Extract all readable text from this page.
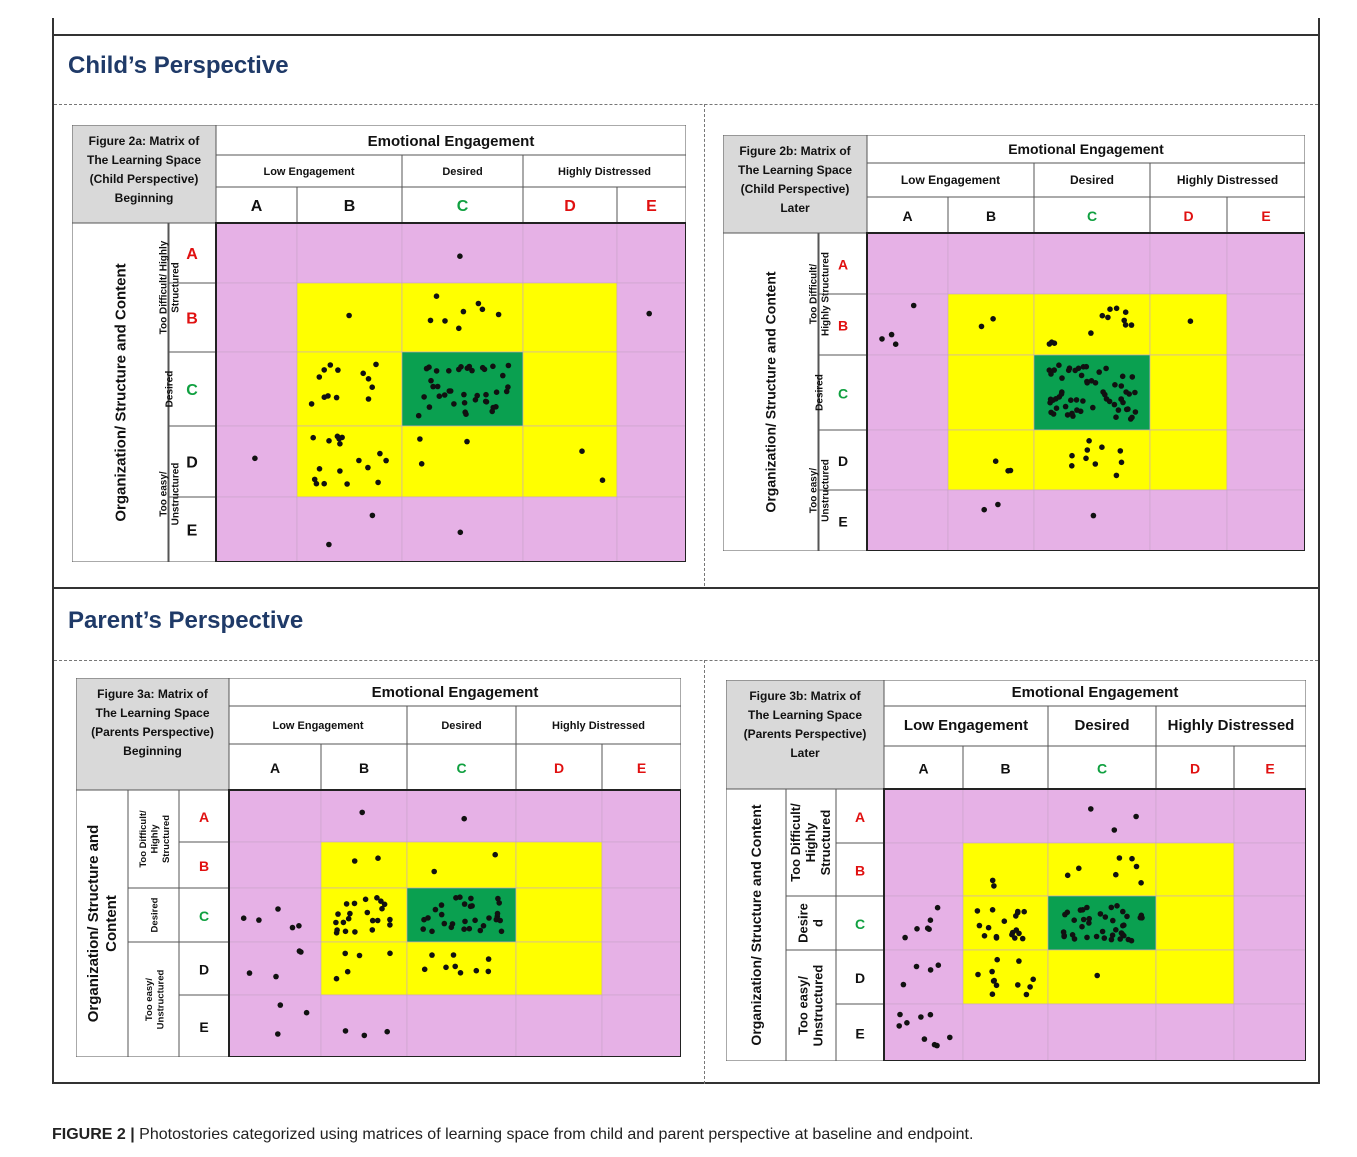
Child’s Perspective
Parent’s Perspective
Figure 2a: Matrix of
The Learning Space
(Child Perspective)
Beginning
Emotional Engagement
Low Engagement	Desired	Highly Distressed
A	B	C	D	E
Organization/ Structure and Content	Too Difficult/ Highly Structured
Desired
Too easy/ Unstructured
A
B
C
D
E
Figure 2b: Matrix of
The Learning Space
(Child Perspective)
Later
Emotional Engagement
Low Engagement	Desired	Highly Distressed
A	B	C	D	E
Organization/ Structure and Content	Too Difficult/ Highly Structured
Desired
Too easy/ Unstructured
A
B
C
D
E
Figure 3a: Matrix of
The Learning Space
(Parents Perspective)
Beginning
Emotional Engagement
Low Engagement	Desired	Highly Distressed
A	B	C	D	E
Organization/ Structure and Content
Too Difficult/ Highly Structured
Desired
Too easy/ Unstructured
A
B
C
D
E
Figure 3b: Matrix of
The Learning Space
(Parents Perspective)
Later
Emotional Engagement
Low Engagement	Desired	Highly Distressed
A	B	C	D	E
Organization/ Structure and Content Too Difficult/ Highly Structured
Desire d
Too easy/ Unstructured
A
B
C
D
E
FIGURE 2 | Photostories categorized using matrices of learning space from child and parent perspective at baseline and endpoint.
